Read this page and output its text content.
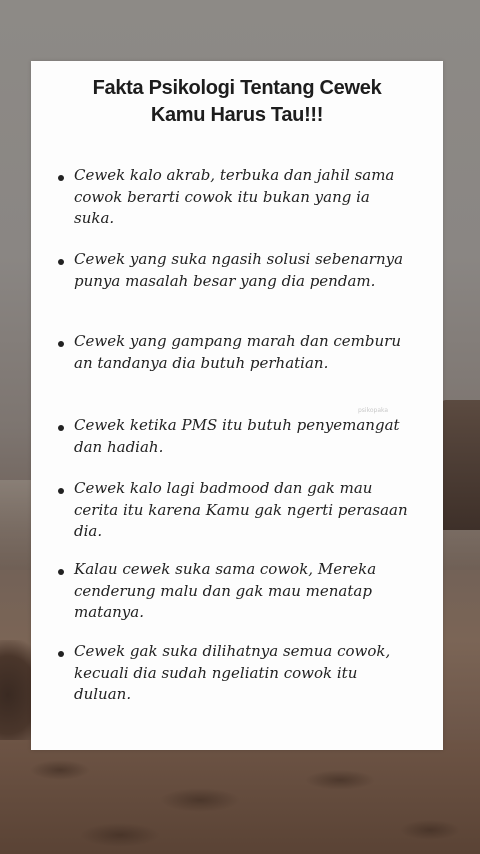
Fakta Psikologi Tentang Cewek
Kamu Harus Tau!!!
Cewek kalo akrab, terbuka dan jahil sama cowok berarti cowok itu bukan yang ia suka.
Cewek yang suka ngasih solusi sebenarnya punya masalah besar yang dia pendam.
Cewek yang gampang marah dan cemburu an tandanya dia butuh perhatian.
Cewek ketika PMS itu butuh penyemangat dan hadiah.
Cewek kalo lagi badmood dan gak mau cerita itu karena Kamu gak ngerti perasaan dia.
Kalau cewek suka sama cowok, Mereka cenderung malu dan gak mau menatap matanya.
Cewek gak suka dilihatnya semua cowok, kecuali dia sudah ngeliatin cowok itu duluan.
psikopaka
